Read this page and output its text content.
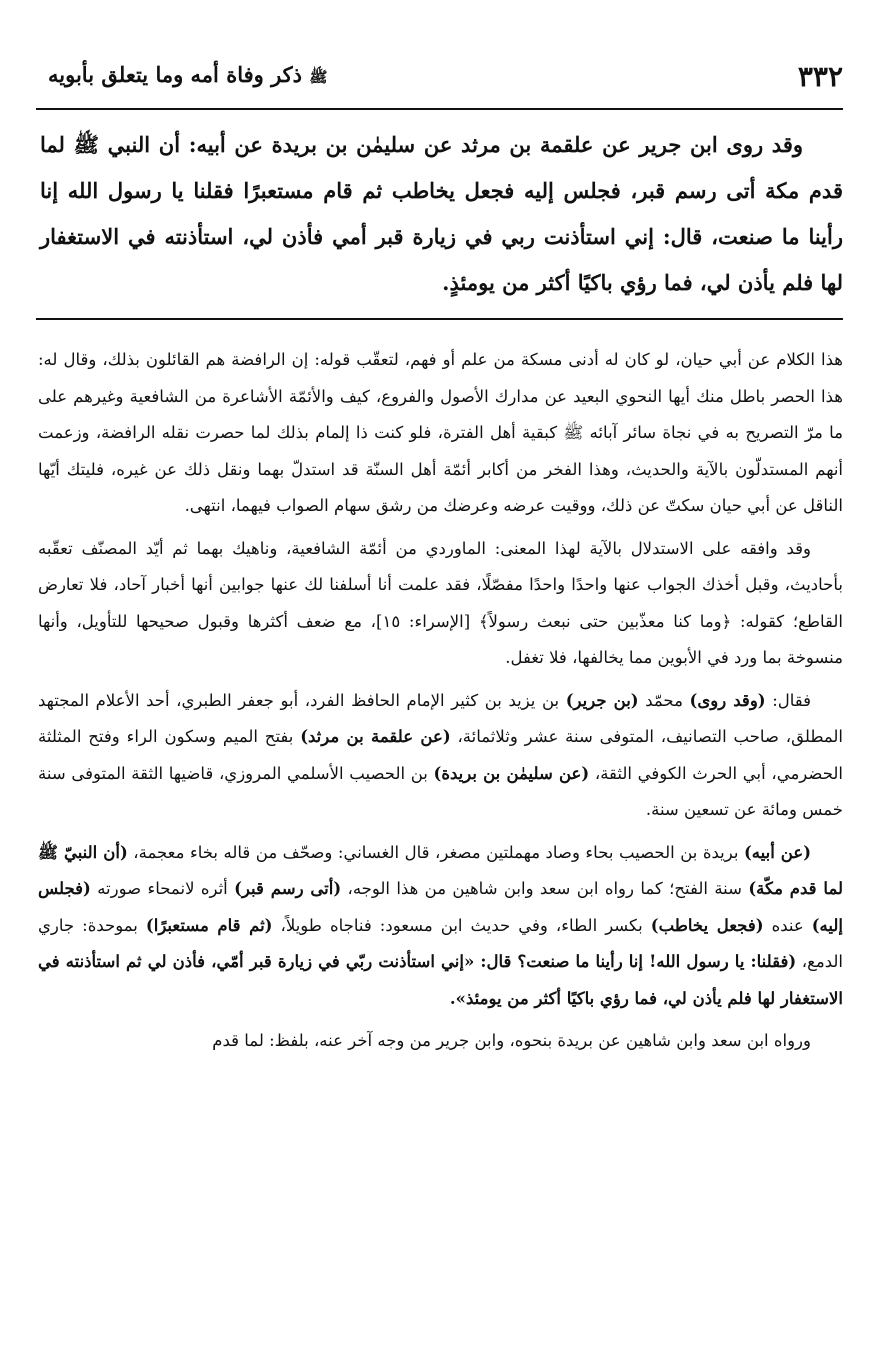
٣٣٢
ﷺ ذكر وفاة أمه وما يتعلق بأبويه

وقد روى ابن جرير عن علقمة بن مرثد عن سليمٰن بن بريدة عن أبيه: أن النبي ﷺ لما قدم مكة أتى رسم قبر، فجلس إليه فجعل يخاطب ثم قام مستعبرًا فقلنا يا رسول الله إنا رأينا ما صنعت، قال: إني استأذنت ربي في زيارة قبر أمي فأذن لي، استأذنته في الاستغفار لها فلم يأذن لي، فما رؤي باكيًا أكثر من يومئذٍ.

هذا الكلام عن أبي حيان، لو كان له أدنى مسكة من علم أو فهم، لتعقّب قوله: إن الرافضة هم القائلون بذلك، وقال له: هذا الحصر باطل منك أيها النحوي البعيد عن مدارك الأصول والفروع، كيف والأئمّة الأشاعرة من الشافعية وغيرهم على ما مرّ التصريح به في نجاة سائر آبائه ﷺ كبقية أهل الفترة، فلو كنت ذا إلمام بذلك لما حصرت نقله الرافضة، وزعمت أنهم المستدلّون بالآية والحديث، وهذا الفخر من أكابر أئمّة أهل السنّة قد استدلّ بهما ونقل ذلك عن غيره، فليتك أيّها الناقل عن أبي حيان سكتّ عن ذلك، ووقيت عرضه وعرضك من رشق سهام الصواب فيهما، انتهى.

وقد وافقه على الاستدلال بالآية لهذا المعنى: الماوردي من أئمّة الشافعية، وناهيك بهما ثم أيّد المصنّف تعقّبه بأحاديث، وقبل أخذك الجواب عنها واحدًا واحدًا مفصّلًا، فقد علمت أنا أسلفنا لك عنها جوابين أنها أخبار آحاد، فلا تعارض القاطع؛ كقوله: ﴿وما كنا معذّبين حتى نبعث رسولاً﴾ [الإسراء: ١٥]، مع ضعف أكثرها وقبول صحيحها للتأويل، وأنها منسوخة بما ورد في الأبوين مما يخالفها، فلا تغفل.

فقال: (وقد روى) محمّد (بن جرير) بن يزيد بن كثير الإمام الحافظ الفرد، أبو جعفر الطبري، أحد الأعلام المجتهد المطلق، صاحب التصانيف، المتوفى سنة عشر وثلاثمائة، (عن علقمة بن مرثد) بفتح الميم وسكون الراء وفتح المثلثة الحضرمي، أبي الحرث الكوفي الثقة، (عن سليمٰن بن بريدة) بن الحصيب الأسلمي المروزي، قاضيها الثقة المتوفى سنة خمس ومائة عن تسعين سنة.

(عن أبيه) بريدة بن الحصيب بحاء وصاد مهملتين مصغر، قال الغساني: وصحّف من قاله بخاء معجمة، (أن النبيّ ﷺ لما قدم مكّة) سنة الفتح؛ كما رواه ابن سعد وابن شاهين من هذا الوجه، (أتى رسم قبر) أثره لانمحاء صورته (فجلس إليه) عنده (فجعل يخاطب) بكسر الطاء، وفي حديث ابن مسعود: فناجاه طويلاً، (ثم قام مستعبرًا) بموحدة: جاري الدمع، (فقلنا: يا رسول الله! إنا رأينا ما صنعت؟ قال: «إني استأذنت ربّي في زيارة قبر أمّي، فأذن لي ثم استأذنته في الاستغفار لها فلم يأذن لي، فما رؤي باكيًا أكثر من يومئذ».

ورواه ابن سعد وابن شاهين عن بريدة بنحوه، وابن جرير من وجه آخر عنه، بلفظ: لما قدم
